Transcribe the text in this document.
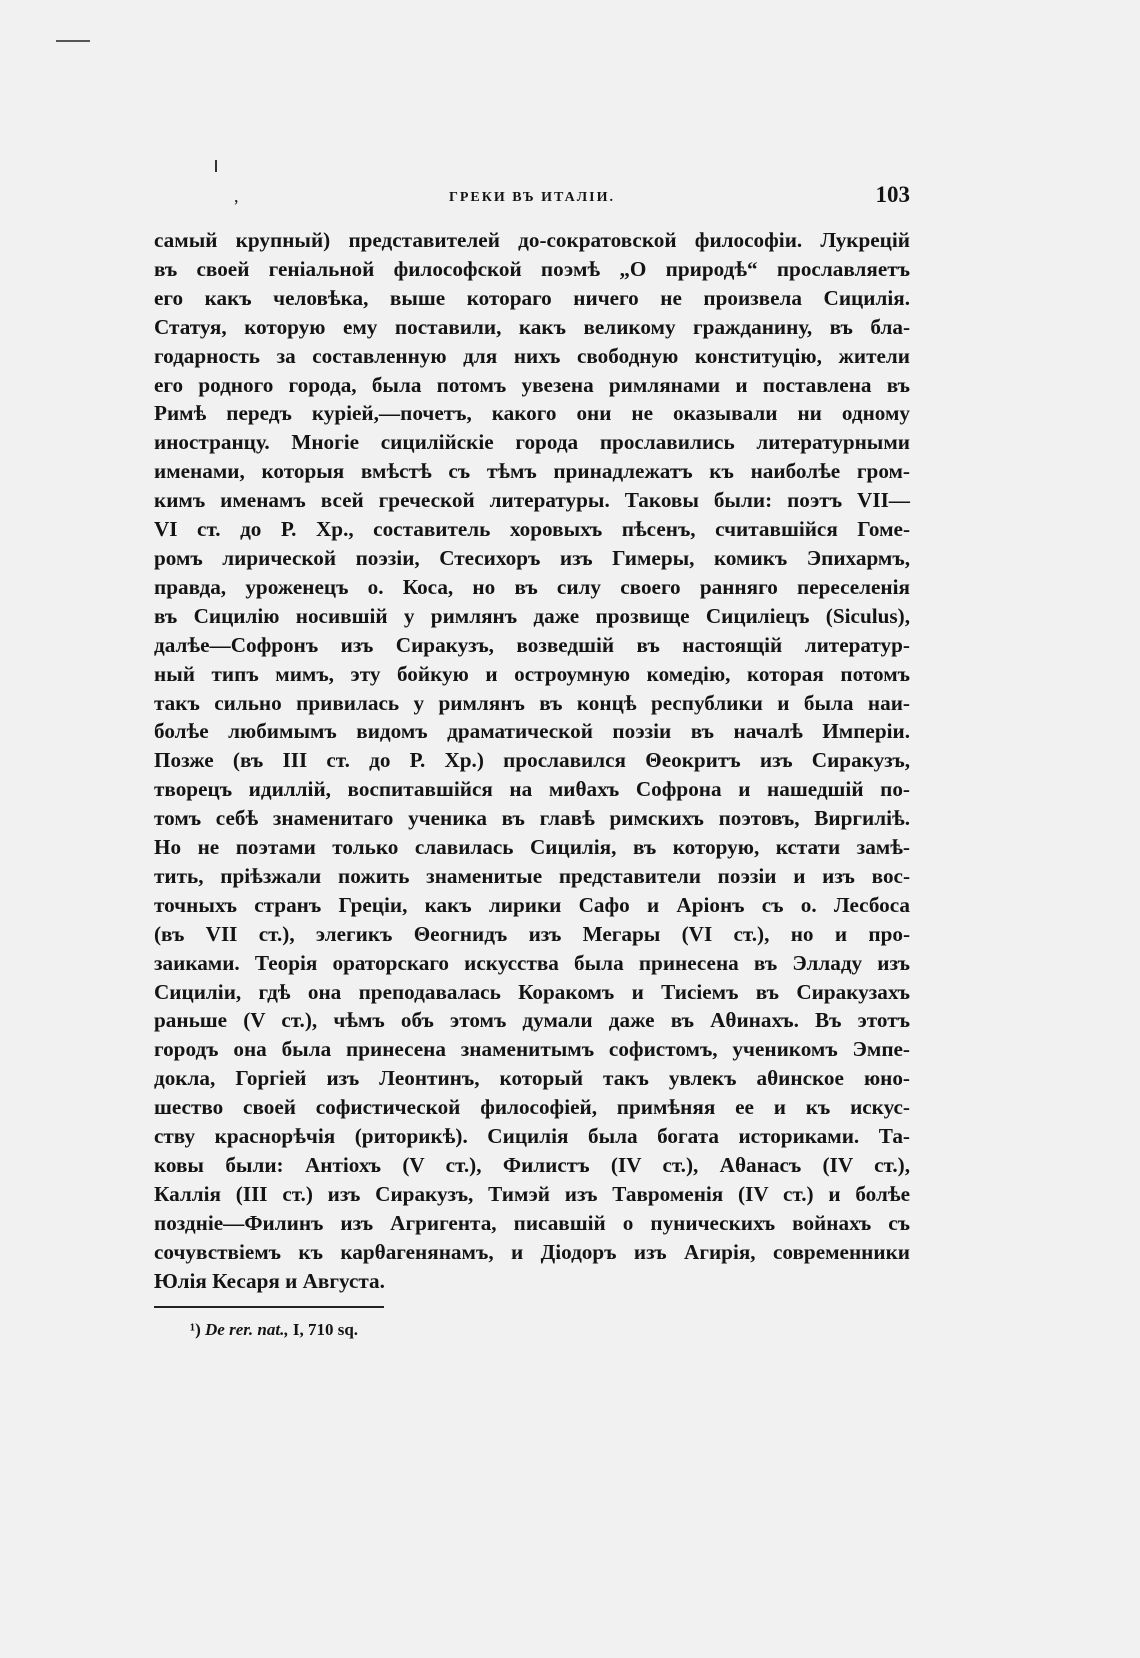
,	ГРЕКИ ВЪ ИТАЛІИ.	103
самый крупный) представителей до-сократовской философіи. Лукрецій
въ своей геніальной философской поэмѣ „О природѣ“ прославляетъ
его какъ человѣка, выше котораго ничего не произвела Сицилія.
Статуя, которую ему поставили, какъ великому гражданину, въ бла-
годарность за составленную для нихъ свободную конституцію, жители
его родного города, была потомъ увезена римлянами и поставлена въ
Римѣ передъ куріей,—почетъ, какого они не оказывали ни одному
иностранцу. Многіе сицилійскіе города прославились литературными
именами, которыя вмѣстѣ съ тѣмъ принадлежатъ къ наиболѣе гром-
кимъ именамъ всей греческой литературы. Таковы были: поэтъ VII—
VI ст. до Р. Хр., составитель хоровыхъ пѣсенъ, считавшійся Гоме-
ромъ лирической поэзіи, Стесихоръ изъ Гимеры, комикъ Эпихармъ,
правда, уроженецъ о. Коса, но въ силу своего ранняго переселенія
въ Сицилію носившій у римлянъ даже прозвище Сициліецъ (Siculus),
далѣе—Софронъ изъ Сиракузъ, возведшій въ настоящій литератур-
ный типъ мимъ, эту бойкую и остроумную комедію, которая потомъ
такъ сильно привилась у римлянъ въ концѣ республики и была наи-
болѣе любимымъ видомъ драматической поэзіи въ началѣ Имперіи.
Позже (въ III ст. до Р. Хр.) прославился Θеокритъ изъ Сиракузъ,
творецъ идиллій, воспитавшійся на миθахъ Софрона и нашедшій по-
томъ себѣ знаменитаго ученика въ главѣ римскихъ поэтовъ, Виргиліѣ.
Но не поэтами только славилась Сицилія, въ которую, кстати замѣ-
тить, пріѣзжали пожить знаменитые представители поэзіи и изъ вос-
точныхъ странъ Греціи, какъ лирики Сафо и Аріонъ съ о. Лесбоса
(въ VII ст.), элегикъ Θеогнидъ изъ Мегары (VI ст.), но и про-
заиками. Теорія ораторскаго искусства была принесена въ Элладу изъ
Сициліи, гдѣ она преподавалась Коракомъ и Тисіемъ въ Сиракузахъ
раньше (V ст.), чѣмъ объ этомъ думали даже въ Аθинахъ. Въ этотъ
городъ она была принесена знаменитымъ софистомъ, ученикомъ Эмпе-
докла, Горгіей изъ Леонтинъ, который такъ увлекъ аθинское юно-
шество своей софистической философіей, примѣняя ее и къ искус-
ству краснорѣчія (риторикѣ). Сицилія была богата историками. Та-
ковы были: Антіохъ (V ст.), Филистъ (IV ст.), Аθанасъ (IV ст.),
Каллія (III ст.) изъ Сиракузъ, Тимэй изъ Тавроменія (IV ст.) и болѣе
поздніе—Филинъ изъ Агригента, писавшій о пуническихъ войнахъ съ
сочувствіемъ къ карθагенянамъ, и Діодоръ изъ Агирія, современники
Юлія Кесаря и Августа.
¹) De rer. nat., I, 710 sq.
